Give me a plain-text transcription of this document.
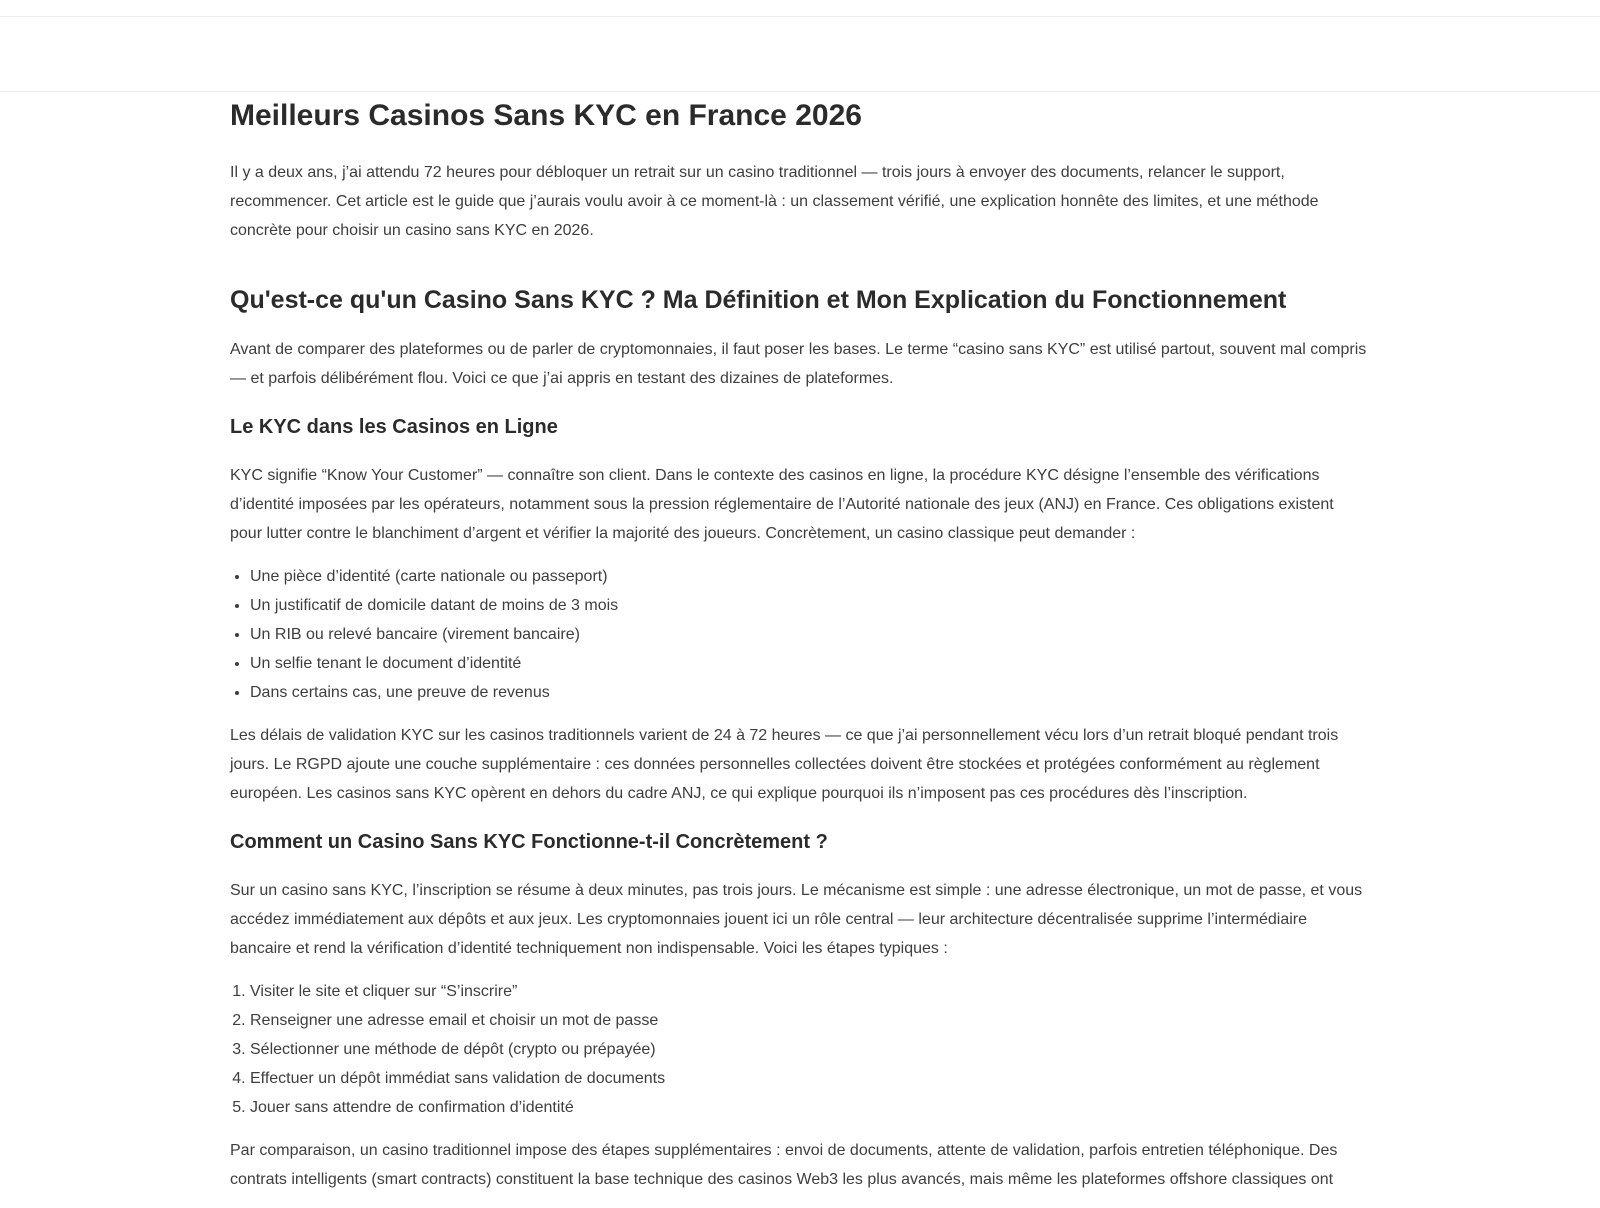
Meilleurs Casinos Sans KYC en France 2026

Il y a deux ans, j’ai attendu 72 heures pour débloquer un retrait sur un casino traditionnel — trois jours à envoyer des documents, relancer le support, recommencer. Cet article est le guide que j’aurais voulu avoir à ce moment-là : un classement vérifié, une explication honnête des limites, et une méthode concrète pour choisir un casino sans KYC en 2026.

Qu'est-ce qu'un Casino Sans KYC ? Ma Définition et Mon Explication du Fonctionnement

Avant de comparer des plateformes ou de parler de cryptomonnaies, il faut poser les bases. Le terme “casino sans KYC” est utilisé partout, souvent mal compris — et parfois délibérément flou. Voici ce que j’ai appris en testant des dizaines de plateformes.

Le KYC dans les Casinos en Ligne

KYC signifie “Know Your Customer” — connaître son client. Dans le contexte des casinos en ligne, la procédure KYC désigne l’ensemble des vérifications d’identité imposées par les opérateurs, notamment sous la pression réglementaire de l’Autorité nationale des jeux (ANJ) en France. Ces obligations existent pour lutter contre le blanchiment d’argent et vérifier la majorité des joueurs. Concrètement, un casino classique peut demander :

• Une pièce d’identité (carte nationale ou passeport)
• Un justificatif de domicile datant de moins de 3 mois
• Un RIB ou relevé bancaire (virement bancaire)
• Un selfie tenant le document d’identité
• Dans certains cas, une preuve de revenus

Les délais de validation KYC sur les casinos traditionnels varient de 24 à 72 heures — ce que j’ai personnellement vécu lors d’un retrait bloqué pendant trois jours. Le RGPD ajoute une couche supplémentaire : ces données personnelles collectées doivent être stockées et protégées conformément au règlement européen. Les casinos sans KYC opèrent en dehors du cadre ANJ, ce qui explique pourquoi ils n’imposent pas ces procédures dès l’inscription.

Comment un Casino Sans KYC Fonctionne-t-il Concrètement ?

Sur un casino sans KYC, l’inscription se résume à deux minutes, pas trois jours. Le mécanisme est simple : une adresse électronique, un mot de passe, et vous accédez immédiatement aux dépôts et aux jeux. Les cryptomonnaies jouent ici un rôle central — leur architecture décentralisée supprime l’intermédiaire bancaire et rend la vérification d’identité techniquement non indispensable. Voici les étapes typiques :

1. Visiter le site et cliquer sur “S’inscrire”
2. Renseigner une adresse email et choisir un mot de passe
3. Sélectionner une méthode de dépôt (crypto ou prépayée)
4. Effectuer un dépôt immédiat sans validation de documents
5. Jouer sans attendre de confirmation d’identité

Par comparaison, un casino traditionnel impose des étapes supplémentaires : envoi de documents, attente de validation, parfois entretien téléphonique. Des contrats intelligents (smart contracts) constituent la base technique des casinos Web3 les plus avancés, mais même les plateformes offshore classiques ont
